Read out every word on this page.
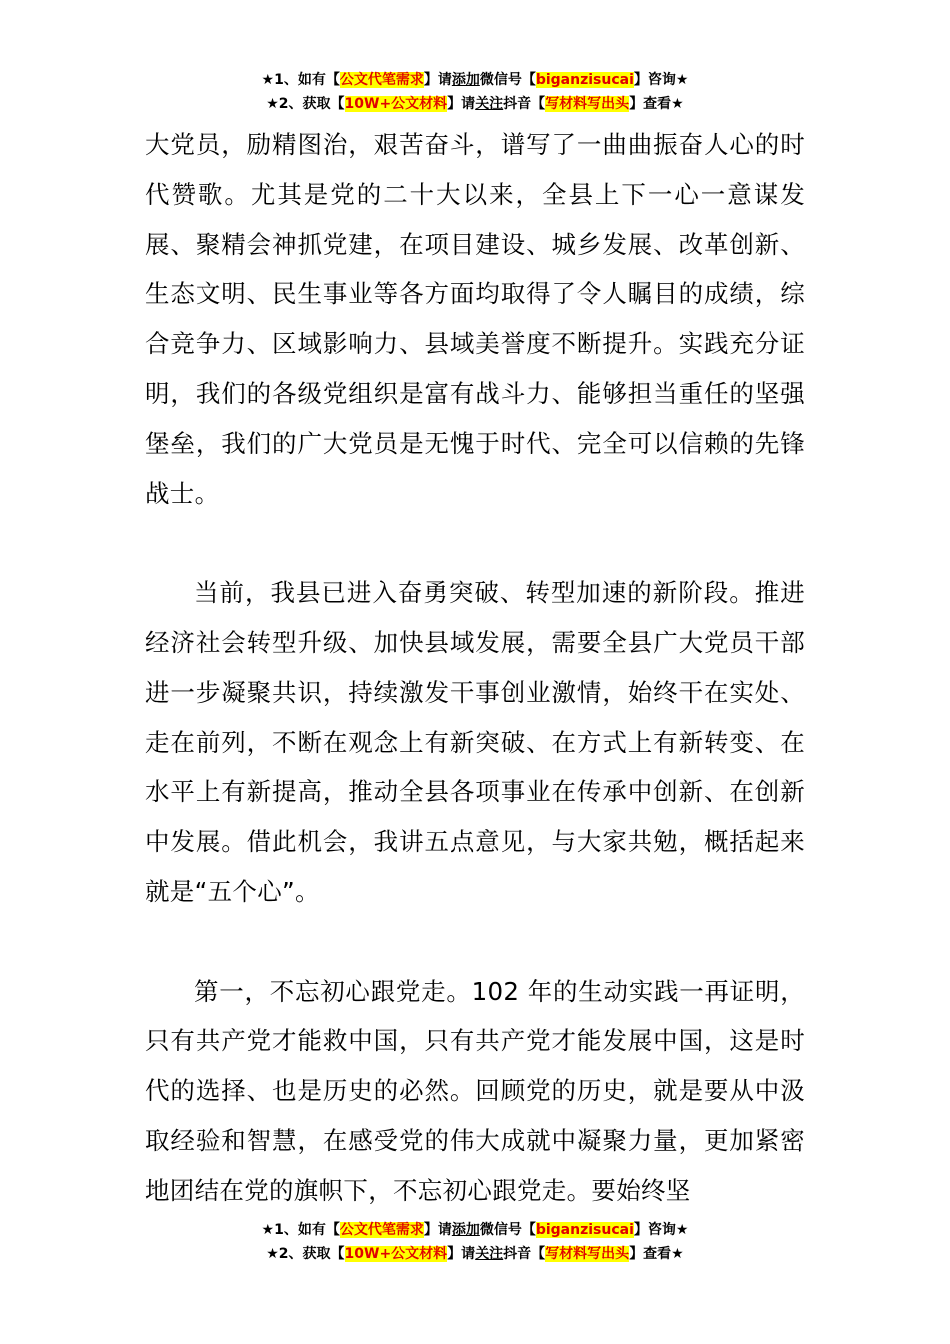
★1、如有【公文代笔需求】请添加微信号【biganzisucai】咨询★
★2、获取【10W+公文材料】请关注抖音【写材料写出头】查看★

大党员，励精图治，艰苦奋斗，谱写了一曲曲振奋人心的时代赞歌。尤其是党的二十大以来，全县上下一心一意谋发展、聚精会神抓党建，在项目建设、城乡发展、改革创新、生态文明、民生事业等各方面均取得了令人瞩目的成绩，综合竞争力、区域影响力、县域美誉度不断提升。实践充分证明，我们的各级党组织是富有战斗力、能够担当重任的坚强堡垒，我们的广大党员是无愧于时代、完全可以信赖的先锋战士。

当前，我县已进入奋勇突破、转型加速的新阶段。推进经济社会转型升级、加快县域发展，需要全县广大党员干部进一步凝聚共识，持续激发干事创业激情，始终干在实处、走在前列，不断在观念上有新突破、在方式上有新转变、在水平上有新提高，推动全县各项事业在传承中创新、在创新中发展。借此机会，我讲五点意见，与大家共勉，概括起来就是“五个心”。

第一，不忘初心跟党走。102 年的生动实践一再证明，只有共产党才能救中国，只有共产党才能发展中国，这是时代的选择、也是历史的必然。回顾党的历史，就是要从中汲取经验和智慧，在感受党的伟大成就中凝聚力量，更加紧密地团结在党的旗帜下，不忘初心跟党走。要始终坚

★1、如有【公文代笔需求】请添加微信号【biganzisucai】咨询★
★2、获取【10W+公文材料】请关注抖音【写材料写出头】查看★
